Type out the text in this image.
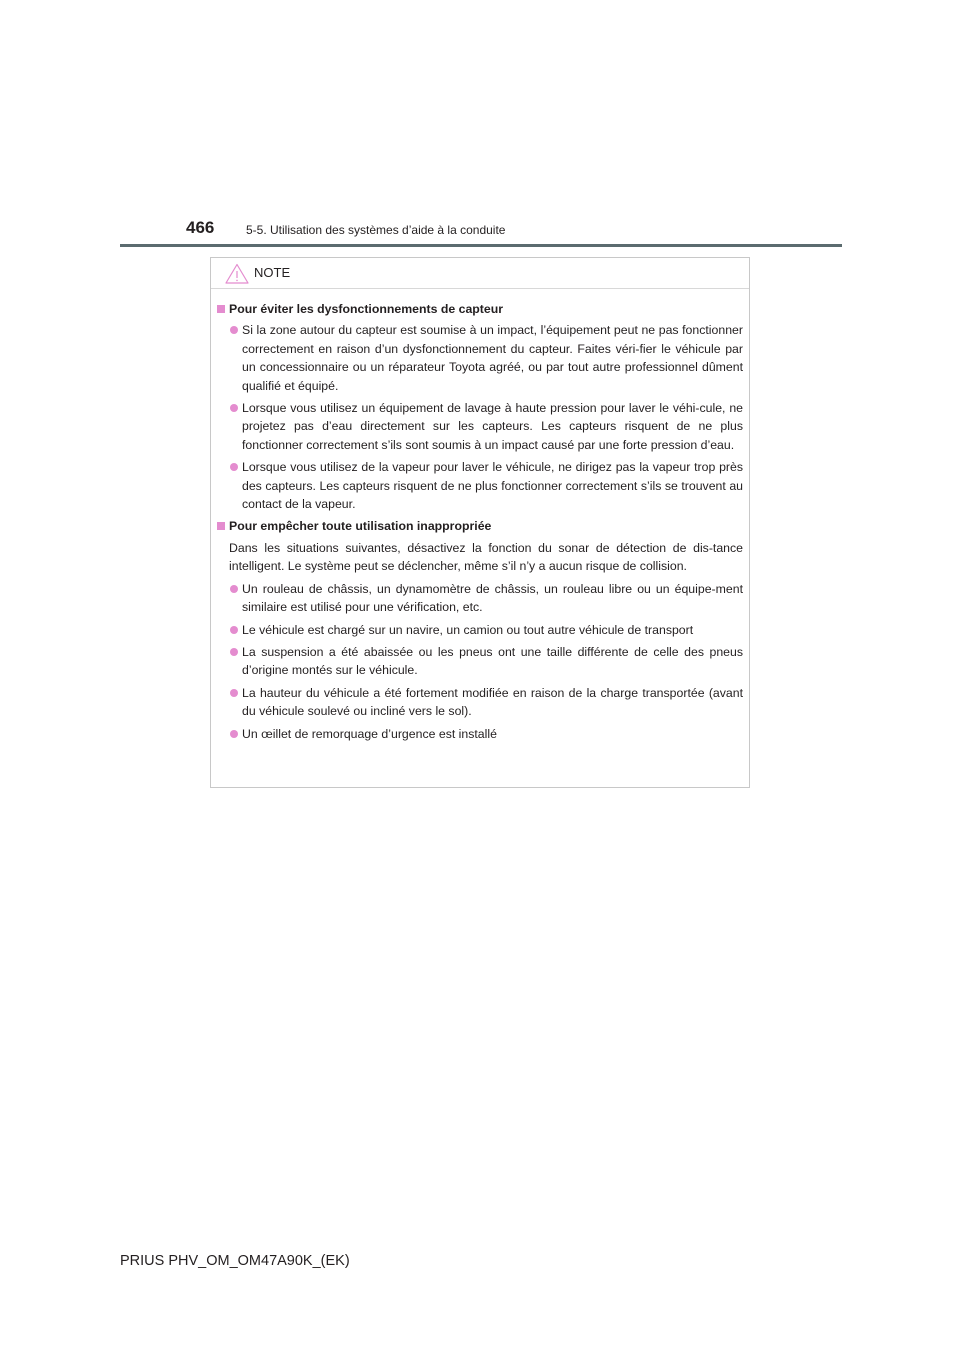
466	5-5. Utilisation des systèmes d’aide à la conduite
NOTE
Pour éviter les dysfonctionnements de capteur
Si la zone autour du capteur est soumise à un impact, l’équipement peut ne pas fonctionner correctement en raison d’un dysfonctionnement du capteur. Faites véri-fier le véhicule par un concessionnaire ou un réparateur Toyota agréé, ou par tout autre professionnel dûment qualifié et équipé.
Lorsque vous utilisez un équipement de lavage à haute pression pour laver le véhi-cule, ne projetez pas d’eau directement sur les capteurs. Les capteurs risquent de ne plus fonctionner correctement s’ils sont soumis à un impact causé par une forte pression d’eau.
Lorsque vous utilisez de la vapeur pour laver le véhicule, ne dirigez pas la vapeur trop près des capteurs. Les capteurs risquent de ne plus fonctionner correctement s’ils se trouvent au contact de la vapeur.
Pour empêcher toute utilisation inappropriée
Dans les situations suivantes, désactivez la fonction du sonar de détection de dis-tance intelligent. Le système peut se déclencher, même s’il n’y a aucun risque de collision.
Un rouleau de châssis, un dynamomètre de châssis, un rouleau libre ou un équipe-ment similaire est utilisé pour une vérification, etc.
Le véhicule est chargé sur un navire, un camion ou tout autre véhicule de transport
La suspension a été abaissée ou les pneus ont une taille différente de celle des pneus d’origine montés sur le véhicule.
La hauteur du véhicule a été fortement modifiée en raison de la charge transportée (avant du véhicule soulevé ou incliné vers le sol).
Un œillet de remorquage d’urgence est installé
PRIUS PHV_OM_OM47A90K_(EK)
